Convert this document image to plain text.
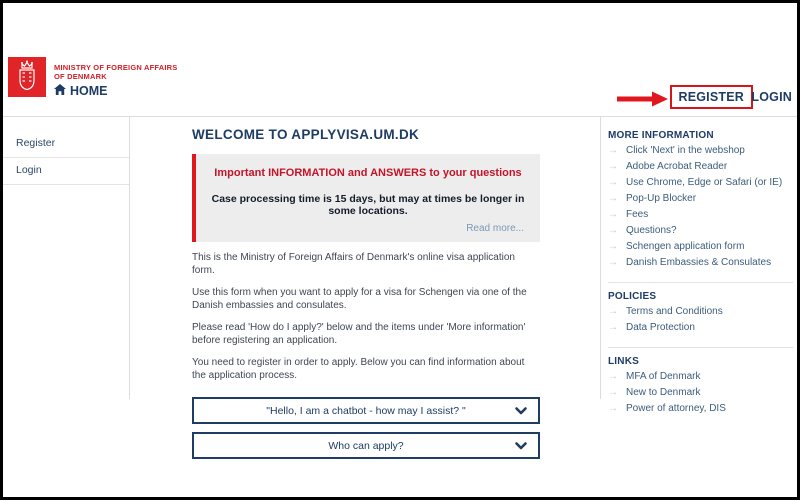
MINISTRY OF FOREIGN AFFAIRS
OF DENMARK
HOME	REGISTER LOGIN
Register
Login
WELCOME TO APPLYVISA.UM.DK
Important INFORMATION and ANSWERS to your questions
Case processing time is 15 days, but may at times be longer in some locations.
Read more...

This is the Ministry of Foreign Affairs of Denmark's online visa application form.

Use this form when you want to apply for a visa for Schengen via one of the Danish embassies and consulates.

Please read 'How do I apply?' below and the items under 'More information' before registering an application.

You need to register in order to apply. Below you can find information about the application process.

"Hello, I am a chatbot - how may I assist? "
Who can apply?
MORE INFORMATION
→ Click 'Next' in the webshop
→ Adobe Acrobat Reader
→ Use Chrome, Edge or Safari (or IE)
→ Pop-Up Blocker
→ Fees
→ Questions?
→ Schengen application form
→ Danish Embassies & Consulates
POLICIES
→ Terms and Conditions
→ Data Protection
LINKS
→ MFA of Denmark
→ New to Denmark
→ Power of attorney, DIS
